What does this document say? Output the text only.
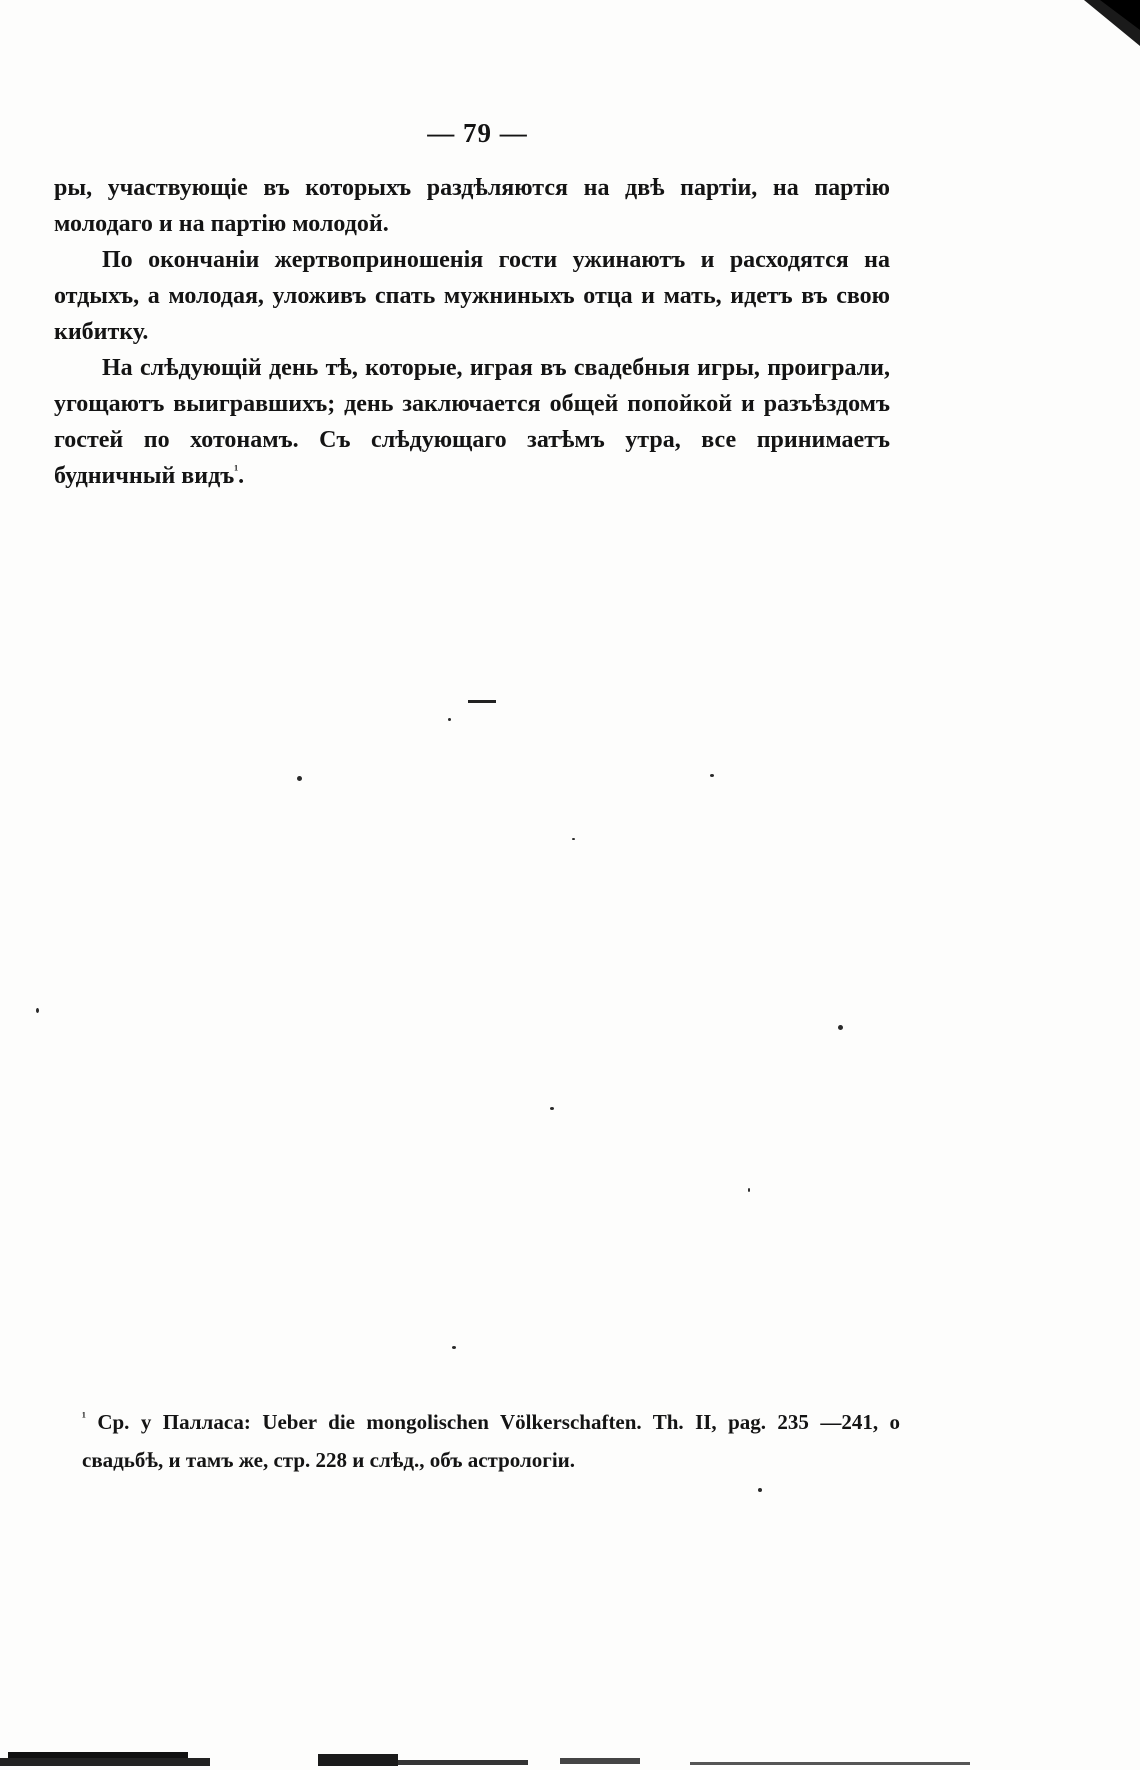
— 79 —

ры, участвующіе въ которыхъ раздѣляются на двѣ партіи, на партію молодаго и на партію молодой.

По окончаніи жертвоприношенія гости ужинаютъ и расходятся на отдыхъ, а молодая, уложивъ спать мужниныхъ отца и мать, идетъ въ свою кибитку.

На слѣдующій день тѣ, которые, играя въ свадебныя игры, проиграли, угощаютъ выигравшихъ; день заключается общей попойкой и разъѣздомъ гостей по хотонамъ. Съ слѣдующаго затѣмъ утра, все принимаетъ будничный видъ$^{^1}$.

$^{^1}$ Ср. у Палласа: Ueber die mongolischen Völkerschaften. Th. II, pag. 235 —241, о свадьбѣ, и тамъ же, стр. 228 и слѣд., объ астрологіи.
